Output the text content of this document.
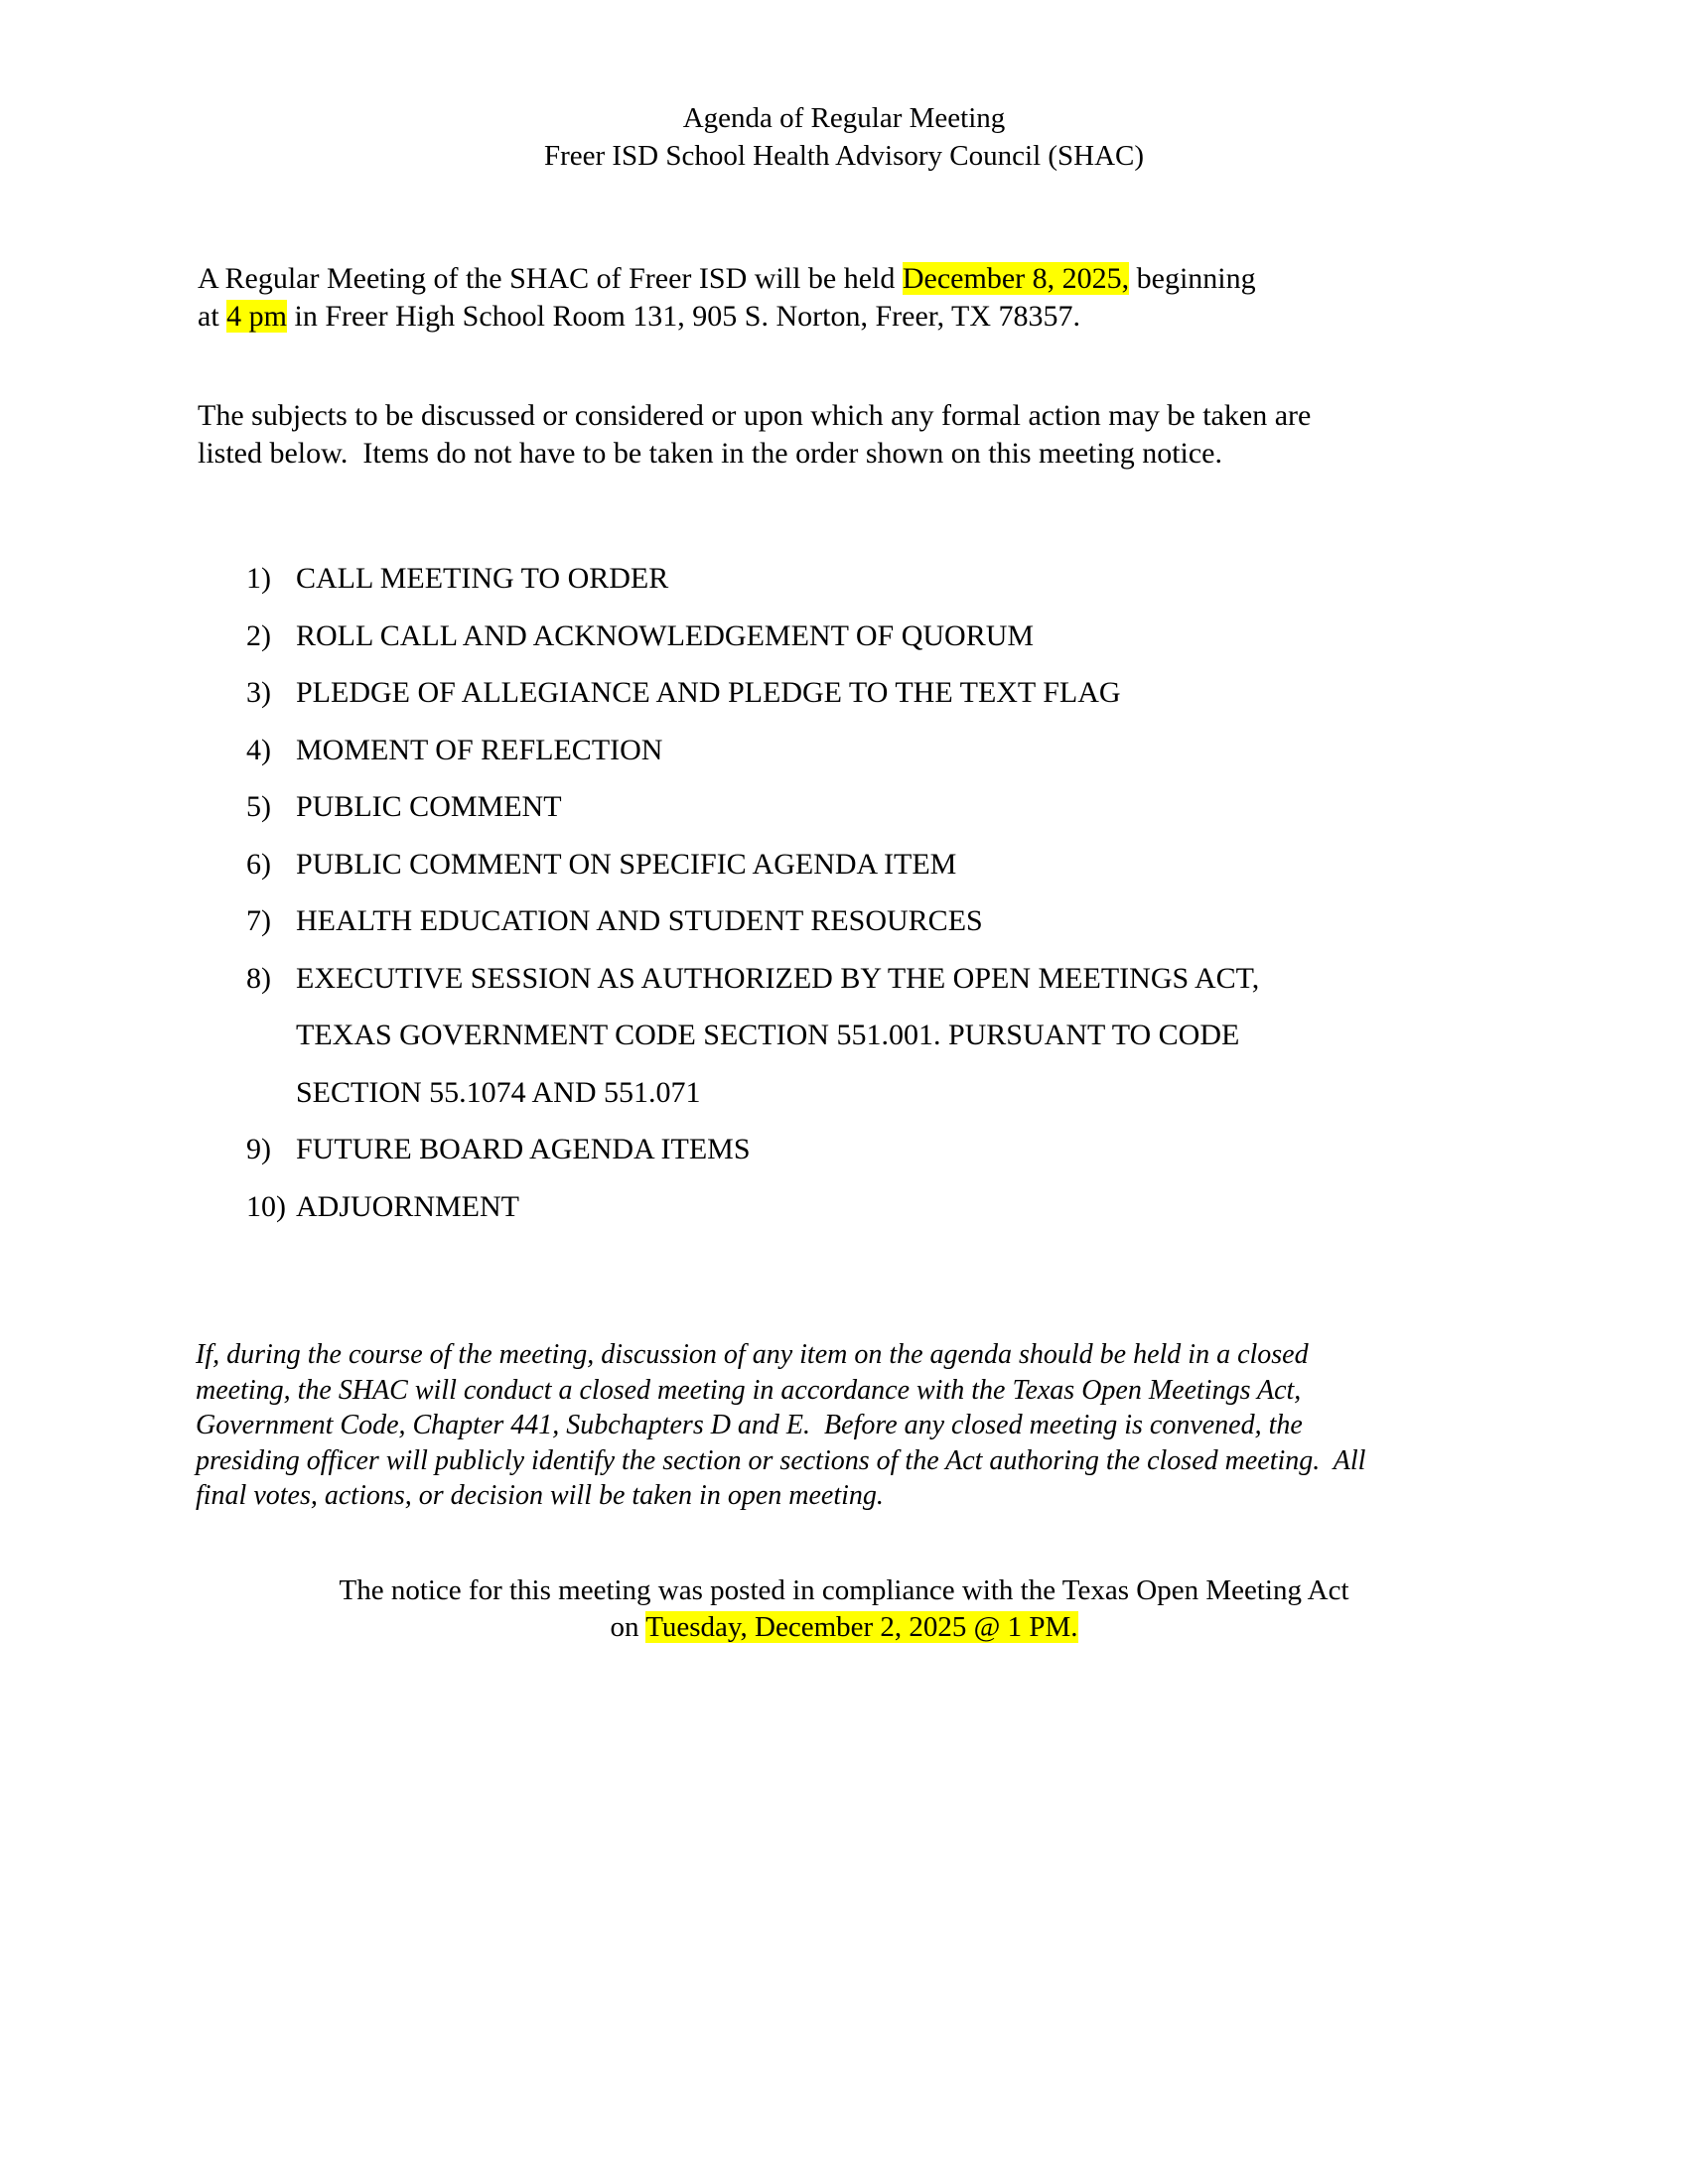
Agenda of Regular Meeting
Freer ISD School Health Advisory Council (SHAC)
A Regular Meeting of the SHAC of Freer ISD will be held December 8, 2025, beginning
at 4 pm in Freer High School Room 131, 905 S. Norton, Freer, TX 78357.
The subjects to be discussed or considered or upon which any formal action may be taken are
listed below.  Items do not have to be taken in the order shown on this meeting notice.
1) CALL MEETING TO ORDER
2) ROLL CALL AND ACKNOWLEDGEMENT OF QUORUM
3) PLEDGE OF ALLEGIANCE AND PLEDGE TO THE TEXT FLAG
4) MOMENT OF REFLECTION
5) PUBLIC COMMENT
6) PUBLIC COMMENT ON SPECIFIC AGENDA ITEM
7) HEALTH EDUCATION AND STUDENT RESOURCES
8) EXECUTIVE SESSION AS AUTHORIZED BY THE OPEN MEETINGS ACT,
TEXAS GOVERNMENT CODE SECTION 551.001. PURSUANT TO CODE
SECTION 55.1074 AND 551.071
9) FUTURE BOARD AGENDA ITEMS
10) ADJUORNMENT
If, during the course of the meeting, discussion of any item on the agenda should be held in a closed
meeting, the SHAC will conduct a closed meeting in accordance with the Texas Open Meetings Act,
Government Code, Chapter 441, Subchapters D and E.  Before any closed meeting is convened, the
presiding officer will publicly identify the section or sections of the Act authoring the closed meeting.  All
final votes, actions, or decision will be taken in open meeting.
The notice for this meeting was posted in compliance with the Texas Open Meeting Act
on Tuesday, December 2, 2025 @ 1 PM.
